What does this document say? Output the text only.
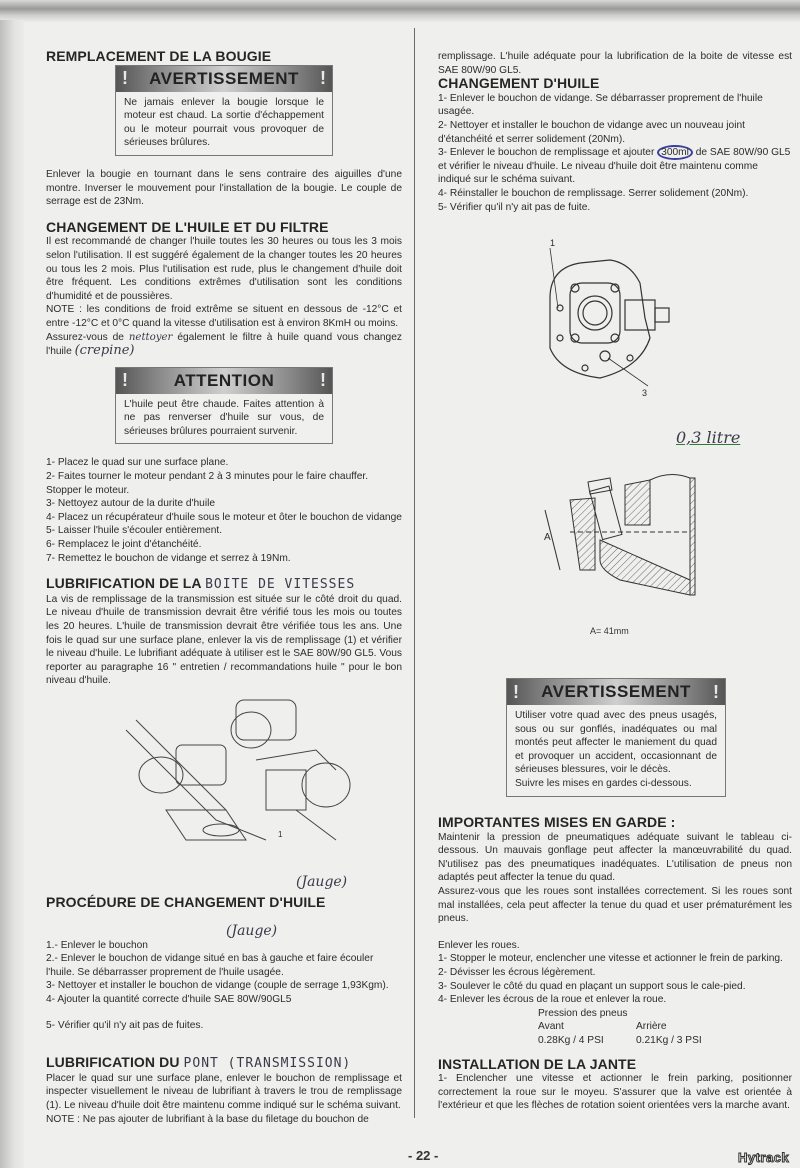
REMPLACEMENT DE LA BOUGIE
! AVERTISSEMENT !
Ne jamais enlever la bougie lorsque le moteur est chaud. La sortie d'échappement ou le moteur pourrait vous provoquer de sérieuses brûlures.

Enlever la bougie en tournant dans le sens contraire des aiguilles d'une montre. Inverser le mouvement pour l'installation de la bougie. Le couple de serrage est de 23Nm.

CHANGEMENT DE L'HUILE ET DU FILTRE

Il est recommandé de changer l'huile toutes les 30 heures ou tous les 3 mois selon l'utilisation. Il est suggéré également de la changer toutes les 20 heures ou tous les 2 mois. Plus l'utilisation est rude, plus le changement d'huile doit être fréquent. Les conditions extrêmes d'utilisation sont les conditions d'humidité et de poussières.

NOTE : les conditions de froid extrême se situent en dessous de -12°C et entre -12°C et 0°C quand la vitesse d'utilisation est à environ 8KmH ou moins.

Assurez-vous de nettoyer également le filtre à huile quand vous changez l'huile (crepine)

!	ATTENTION	!
L'huile peut être chaude. Faites attention à ne pas renverser d'huile sur vous, de sérieuses brûlures pourraient survenir.
1- Placez le quad sur une surface plane.
2- Faites tourner le moteur pendant 2 à 3 minutes pour le faire chauffer. Stopper le moteur.
3- Nettoyez autour de la durite d'huile
4- Placez un récupérateur d'huile sous le moteur et ôter le bouchon de vidange
5- Laisser l'huile s'écouler entièrement.
6- Remplacez le joint d'étanchéité.
7- Remettez le bouchon de vidange et serrez à 19Nm.
LUBRIFICATION DE LA BOITE DE VITESSES

La vis de remplissage de la transmission est située sur le côté droit du quad. Le niveau d'huile de transmission devrait être vérifié tous les mois ou toutes les 20 heures. L'huile de transmission devrait être vérifiée tous les ans. Une fois le quad sur une surface plane, enlever la vis de remplissage (1) et vérifier le niveau d'huile. Le lubrifiant adéquate à utiliser est le SAE 80W/90 GL5. Vous reporter au paragraphe 16 " entretien / recommandations huile " pour le bon niveau d'huile.

1
(Jauge)
PROCÉDURE DE CHANGEMENT D'HUILE
(Jauge)
1.- Enlever le bouchon
2.- Enlever le bouchon de vidange situé en bas à gauche et faire écouler l'huile. Se débarrasser proprement de l'huile usagée.
3- Nettoyer et installer le bouchon de vidange (couple de serrage 1,93Kgm).
4- Ajouter la quantité correcte d'huile SAE 80W/90GL5
5- Vérifier qu'il n'y ait pas de fuites.
LUBRIFICATION DU PONT (TRANSMISSION)

Placer le quad sur une surface plane, enlever le bouchon de remplissage et inspecter visuellement le niveau de lubrifiant à travers le trou de remplissage (1). Le niveau d'huile doit être maintenu comme indiqué sur le schéma suivant.

NOTE : Ne pas ajouter de lubrifiant à la base du filetage du bouchon de

remplissage. L'huile adéquate pour la lubrification de la boite de vitesse est SAE 80W/90 GL5.

CHANGEMENT D'HUILE
1- Enlever le bouchon de vidange. Se débarrasser proprement de l'huile usagée.
2- Nettoyer et installer le bouchon de vidange avec un nouveau joint d'étanchéité et serrer solidement (20Nm).
3- Enlever le bouchon de remplissage et ajouter 300ml de SAE 80W/90 GL5 et vérifier le niveau d'huile. Le niveau d'huile doit être maintenu comme indiqué sur le schéma suivant.
4- Réinstaller le bouchon de remplissage. Serrer solidement (20Nm).
5- Vérifier qu'il n'y ait pas de fuite.
1
3
0,3 litre
A
A= 41mm
! AVERTISSEMENT !
Utiliser votre quad avec des pneus usagés, sous ou sur gonflés, inadéquates ou mal montés peut affecter le maniement du quad et provoquer un accident, occasionnant de sérieuses blessures, voir le décès.
Suivre les mises en gardes ci-dessous.
IMPORTANTES MISES EN GARDE :

Maintenir la pression de pneumatiques adéquate suivant le tableau ci-dessous. Un mauvais gonflage peut affecter la manœuvrabilité du quad. N'utilisez pas des pneumatiques inadéquates. L'utilisation de pneus non adaptés peut affecter la tenue du quad.

Assurez-vous que les roues sont installées correctement. Si les roues sont mal installées, cela peut affecter la tenue du quad et user prématurément les pneus.

Enlever les roues.

1- Stopper le moteur, enclencher une vitesse et actionner le frein de parking.
2- Dévisser les écrous légèrement.
3- Soulever le côté du quad en plaçant un support sous le cale-pied.
4- Enlever les écrous de la roue et enlever la roue.
Pression des pneus
Avant	Arrière
0.28Kg / 4 PSI	0.21Kg / 3 PSI
INSTALLATION DE LA JANTE

1- Enclencher une vitesse et actionner le frein parking, positionner correctement la roue sur le moyeu. S'assurer que la valve est orientée à l'extérieur et que les flèches de rotation soient orientées vers la marche avant.

- 22 -	Hytrack
